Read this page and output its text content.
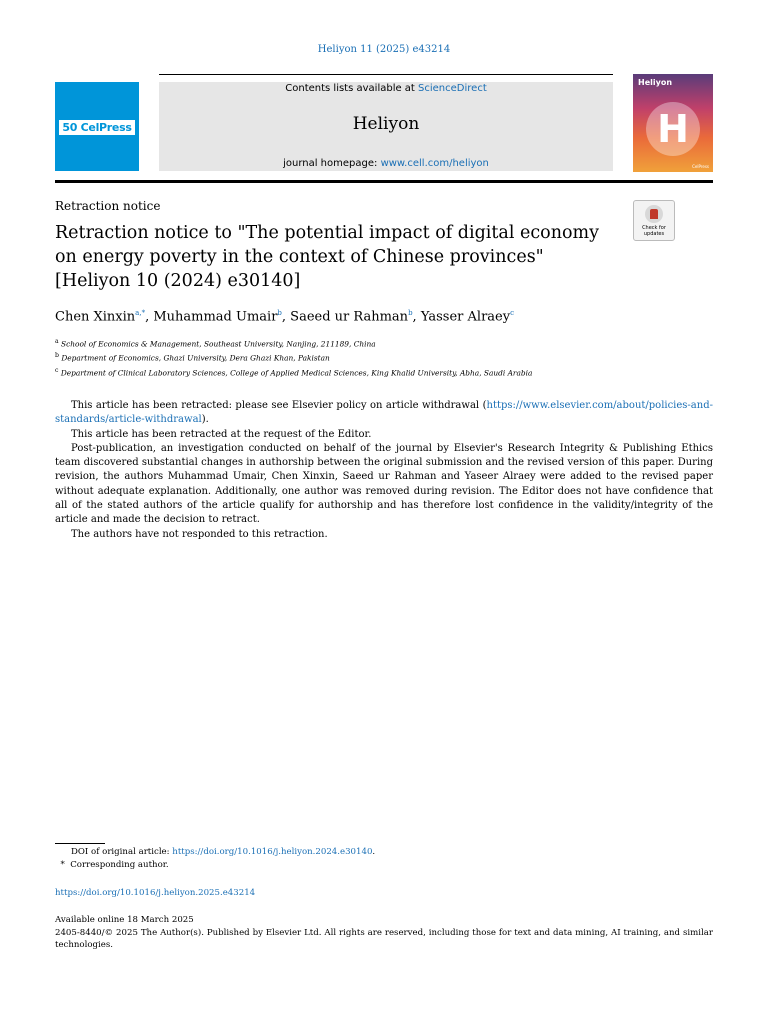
Heliyon 11 (2025) e43214
50 CelPress
Contents lists available at ScienceDirect
Heliyon
journal homepage: www.cell.com/heliyon
Heliyon
H
CelPress
Retraction notice
Check for updates
Retraction notice to "The potential impact of digital economy on energy poverty in the context of Chinese provinces" [Heliyon 10 (2024) e30140]
Chen Xinxin$^{a,*}$, Muhammad Umair$^b$, Saeed ur Rahman$^b$, Yasser Alraey$^c$
$^a$ School of Economics & Management, Southeast University, Nanjing, 211189, China
$^b$ Department of Economics, Ghazi University, Dera Ghazi Khan, Pakistan
$^c$ Department of Clinical Laboratory Sciences, College of Applied Medical Sciences, King Khalid University, Abha, Saudi Arabia

This article has been retracted: please see Elsevier policy on article withdrawal (https://www.elsevier.com/about/policies-and-standards/article-withdrawal).

This article has been retracted at the request of the Editor.

Post-publication, an investigation conducted on behalf of the journal by Elsevier's Research Integrity & Publishing Ethics team discovered substantial changes in authorship between the original submission and the revised version of this paper. During revision, the authors Muhammad Umair, Chen Xinxin, Saeed ur Rahman and Yaseer Alraey were added to the revised paper without adequate explanation. Additionally, one author was removed during revision. The Editor does not have confidence that all of the stated authors of the article qualify for authorship and has therefore lost confidence in the validity/integrity of the article and made the decision to retract.

The authors have not responded to this retraction.

DOI of original article: https://doi.org/10.1016/j.heliyon.2024.e30140.
* Corresponding author.
https://doi.org/10.1016/j.heliyon.2025.e43214
Available online 18 March 2025
2405-8440/© 2025 The Author(s). Published by Elsevier Ltd. All rights are reserved, including those for text and data mining, AI training, and similar technologies.
